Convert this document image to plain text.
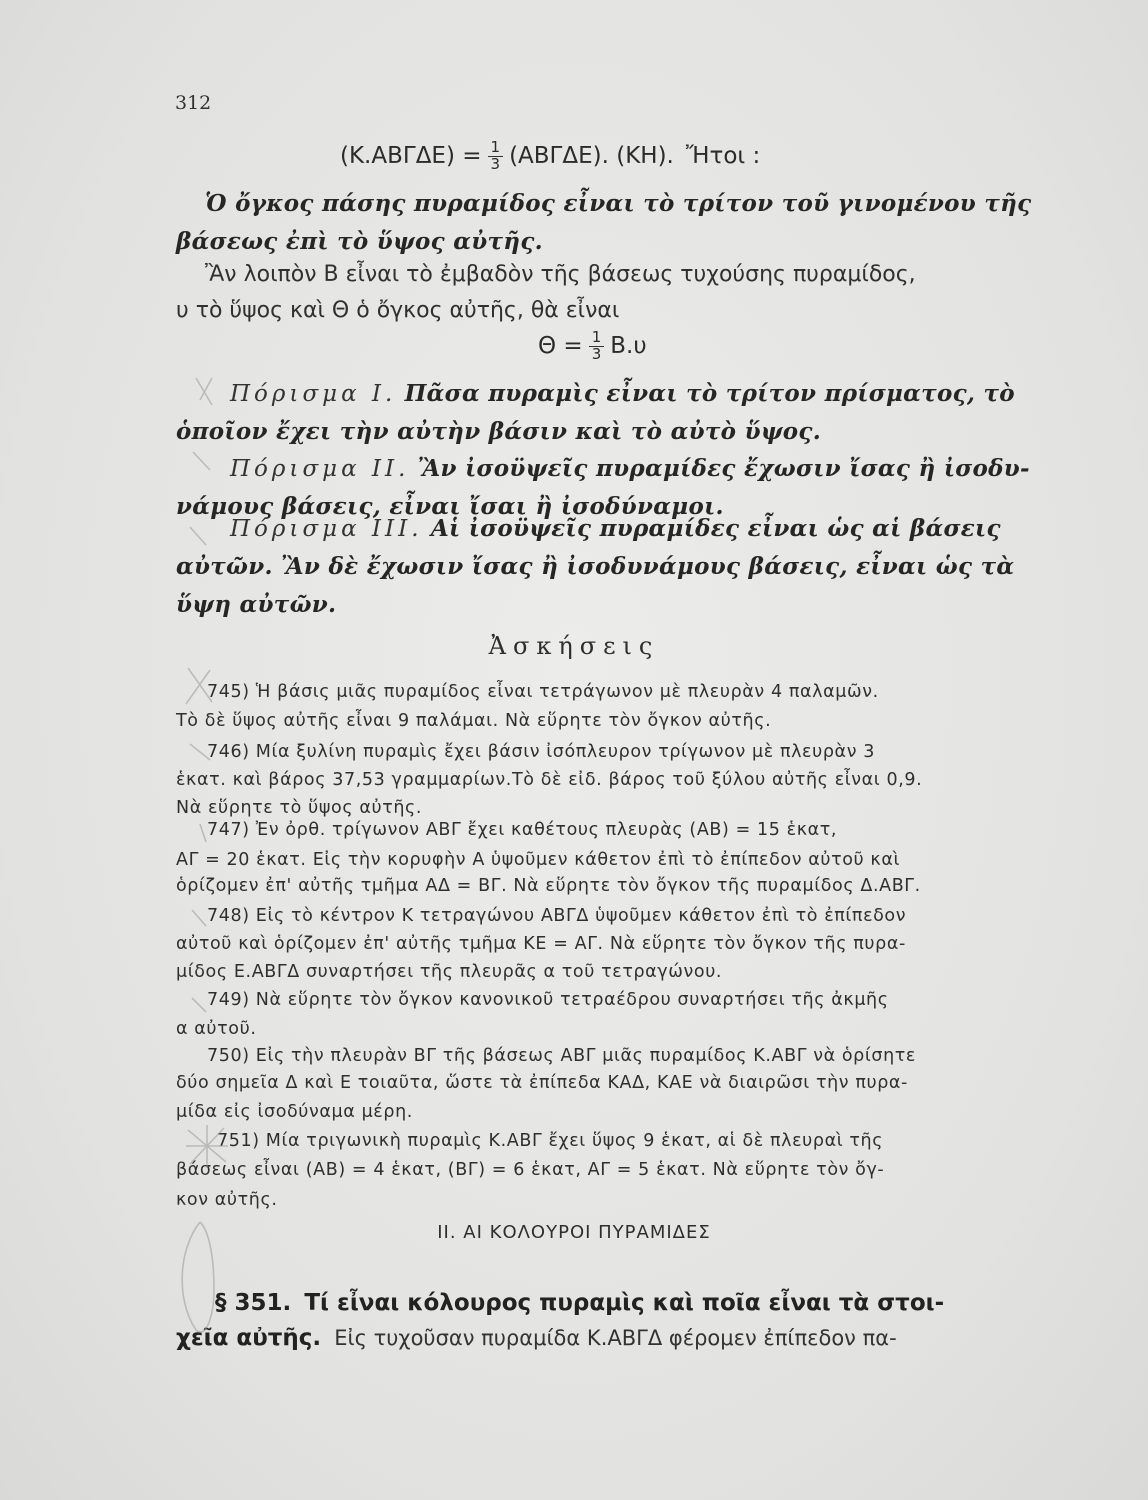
312
$(K.AB\Gamma\Delta E) = \frac{1}{3} (AB\Gamma\Delta E)$. (ΚΗ). Ἤτοι :
Ὁ ὄγκος πάσης πυραμίδος εἶναι τὸ τρίτον τοῦ γινομένου τῆς
βάσεως ἐπὶ τὸ ὕψος αὐτῆς.
Ἂν λοιπὸν Β εἶναι τὸ ἐμβαδὸν τῆς βάσεως τυχούσης πυραμίδος,
υ τὸ ὕψος καὶ Θ ὁ ὄγκος αὐτῆς, θὰ εἶναι
$\Theta = \frac{1}{3} B.\upsilon$
Πόρισμα Ι. Πᾶσα πυραμὶς εἶναι τὸ τρίτον πρίσματος, τὸ
ὁποῖον ἔχει τὴν αὐτὴν βάσιν καὶ τὸ αὐτὸ ὕψος.
Πόρισμα ΙΙ. Ἂν ἰσοϋψεῖς πυραμίδες ἔχωσιν ἴσας ἢ ἰσοδυ-
νάμους βάσεις, εἶναι ἴσαι ἢ ἰσοδύναμοι.
Πόρισμα ΙΙΙ. Αἱ ἰσοϋψεῖς πυραμίδες εἶναι ὡς αἱ βάσεις
αὐτῶν. Ἂν δὲ ἔχωσιν ἴσας ἢ ἰσοδυνάμους βάσεις, εἶναι ὡς τὰ
ὕψη αὐτῶν.
Ἀσκήσεις
745) Ἡ βάσις μιᾶς πυραμίδος εἶναι τετράγωνον μὲ πλευρὰν 4 παλαμῶν.
Τὸ δὲ ὕψος αὐτῆς εἶναι 9 παλάμαι. Νὰ εὕρητε τὸν ὄγκον αὐτῆς.
746) Μία ξυλίνη πυραμὶς ἔχει βάσιν ἰσόπλευρον τρίγωνον μὲ πλευρὰν 3
ἑκατ. καὶ βάρος 37,53 γραμμαρίων.Τὸ δὲ εἰδ. βάρος τοῦ ξύλου αὐτῆς εἶναι 0,9.
Νὰ εὕρητε τὸ ὕψος αὐτῆς.
747) Ἐν ὀρθ. τρίγωνον ΑΒΓ ἔχει καθέτους πλευρὰς (ΑΒ) = 15 ἑκατ,
ΑΓ = 20 ἑκατ. Εἰς τὴν κορυφὴν Α ὑψοῦμεν κάθετον ἐπὶ τὸ ἐπίπεδον αὐτοῦ καὶ
ὁρίζομεν ἐπ' αὐτῆς τμῆμα ΑΔ = ΒΓ. Νὰ εὕρητε τὸν ὄγκον τῆς πυραμίδος Δ.ΑΒΓ.
748) Εἰς τὸ κέντρον Κ τετραγώνου ΑΒΓΔ ὑψοῦμεν κάθετον ἐπὶ τὸ ἐπίπεδον
αὐτοῦ καὶ ὁρίζομεν ἐπ' αὐτῆς τμῆμα ΚΕ = ΑΓ. Νὰ εὕρητε τὸν ὄγκον τῆς πυρα-
μίδος Ε.ΑΒΓΔ συναρτήσει τῆς πλευρᾶς α τοῦ τετραγώνου.
749) Νὰ εὕρητε τὸν ὄγκον κανονικοῦ τετραέδρου συναρτήσει τῆς ἀκμῆς
α αὐτοῦ.
750) Εἰς τὴν πλευρὰν ΒΓ τῆς βάσεως ΑΒΓ μιᾶς πυραμίδος Κ.ΑΒΓ νὰ ὁρίσητε
δύο σημεῖα Δ καὶ Ε τοιαῦτα, ὥστε τὰ ἐπίπεδα ΚΑΔ, ΚΑΕ νὰ διαιρῶσι τὴν πυρα-
μίδα εἰς ἰσοδύναμα μέρη.
751) Μία τριγωνικὴ πυραμὶς Κ.ΑΒΓ ἔχει ὕψος 9 ἑκατ, αἱ δὲ πλευραὶ τῆς
βάσεως εἶναι (ΑΒ) = 4 ἑκατ, (ΒΓ) = 6 ἑκατ, ΑΓ = 5 ἑκατ. Νὰ εὕρητε τὸν ὄγ-
κον αὐτῆς.
ΙΙ. ΑΙ ΚΟΛΟΥΡΟΙ ΠΥΡΑΜΙΔΕΣ
§ 351. Τί εἶναι κόλουρος πυραμὶς καὶ ποῖα εἶναι τὰ στοι-
χεῖα αὐτῆς. Εἰς τυχοῦσαν πυραμίδα Κ.ΑΒΓΔ φέρομεν ἐπίπεδον πα-
